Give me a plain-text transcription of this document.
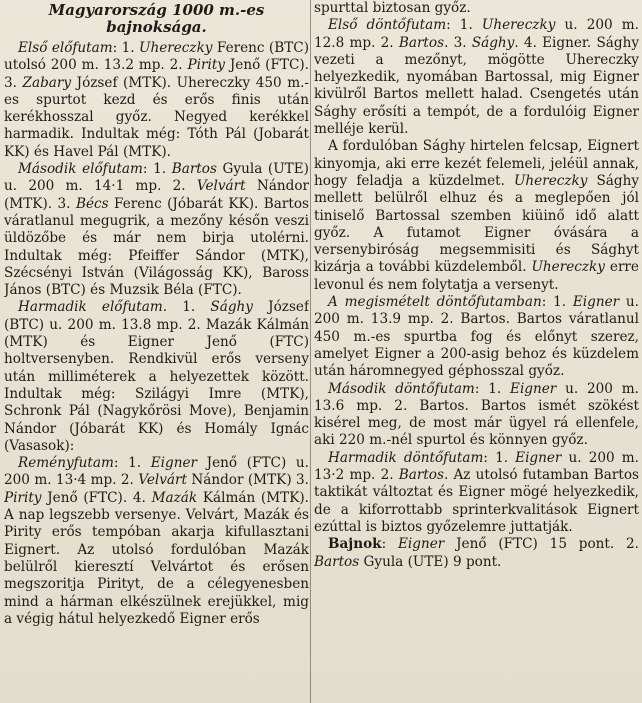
Magyarország 1000 m.-es bajnoksága.

Első előfutam: 1. Uhereczky Ferenc (BTC) utolsó 200 m. 13.2 mp. 2. Pirity Jenő (FTC). 3. Zabary József (MTK). Uhereczky 450 m.-es spurtot kezd és erős finis után kerékhosszal győz. Negyed kerékkel harmadik. Indultak még: Tóth Pál (Jobarát KK) és Havel Pál (MTK).

Második előfutam: 1. Bartos Gyula (UTE) u. 200 m. 14·1 mp. 2. Velvárt Nándor (MTK). 3. Bécs Ferenc (Jóbarát KK). Bartos váratlanul megugrik, a mezőny későn veszi üldözőbe és már nem birja utolérni. Indultak még: Pfeiffer Sándor (MTK), Szécsényi István (Világosság KK), Baross János (BTC) és Muzsik Béla (FTC).

Harmadik előfutam. 1. Sághy József (BTC) u. 200 m. 13.8 mp. 2. Mazák Kálmán (MTK) és Eigner Jenő (FTC) holtversenyben. Rendkivül erős verseny után milliméterek a helyezettek között. Indultak még: Szilágyi Imre (MTK), Schronk Pál (Nagykőrösi Move), Benjamin Nándor (Jóbarát KK) és Homály Ignác (Vasasok):

Reményfutam: 1. Eigner Jenő (FTC) u. 200 m. 13·4 mp. 2. Velvárt Nándor (MTK) 3. Pirity Jenő (FTC). 4. Mazák Kálmán (MTK). A nap legszebb versenye. Velvárt, Mazák és Pirity erős tempóban akarja kifullasztani Eignert. Az utolsó fordulóban Mazák belülről kieresztí Velvártot és erősen megszoritja Pirityt, de a célegyenesben mind a hárman elkészülnek erejükkel, mig a végig hátul helyezkedő Eigner erős

spurttal biztosan győz.

Első döntőfutam: 1. Uhereczky u. 200 m. 12.8 mp. 2. Bartos. 3. Sághy. 4. Eigner. Sághy vezeti a mezőnyt, mögötte Uhereczky helyezkedik, nyomában Bartossal, mig Eigner kivülről Bartos mellett halad. Csengetés után Sághy erősíti a tempót, de a fordulóig Eigner melléje kerül.

A fordulóban Sághy hirtelen felcsap, Eignert kinyomja, aki erre kezét felemeli, jeléül annak, hogy feladja a küzdelmet. Uhereczky Sághy mellett belülről elhuz és a meglepően jól tiniselő Bartossal szemben kiüinő idő alatt győz. A futamot Eigner óvására a versenybiróság megsemmisiti és Sághyt kizárja a további küzdelemből. Uhereczky erre levonul és nem folytatja a versenyt.

A megismételt döntőfutamban: 1. Eigner u. 200 m. 13.9 mp. 2. Bartos. Bartos váratlanul 450 m.-es spurtba fog és előnyt szerez, amelyet Eigner a 200-asig behoz és küzdelem után háromnegyed géphosszal győz.

Második döntőfutam: 1. Eigner u. 200 m. 13.6 mp. 2. Bartos. Bartos ismét szökést kisérel meg, de most már ügyel rá ellenfele, aki 220 m.-nél spurtol és könnyen győz.

Harmadik döntőfutam: 1. Eigner u. 200 m. 13·2 mp. 2. Bartos. Az utolsó futamban Bartos taktikát változtat és Eigner mögé helyezkedik, de a kiforrottabb sprinterkvalitások Eignert ezúttal is biztos győzelemre juttatják.

Bajnok: Eigner Jenő (FTC) 15 pont. 2. Bartos Gyula (UTE) 9 pont.
